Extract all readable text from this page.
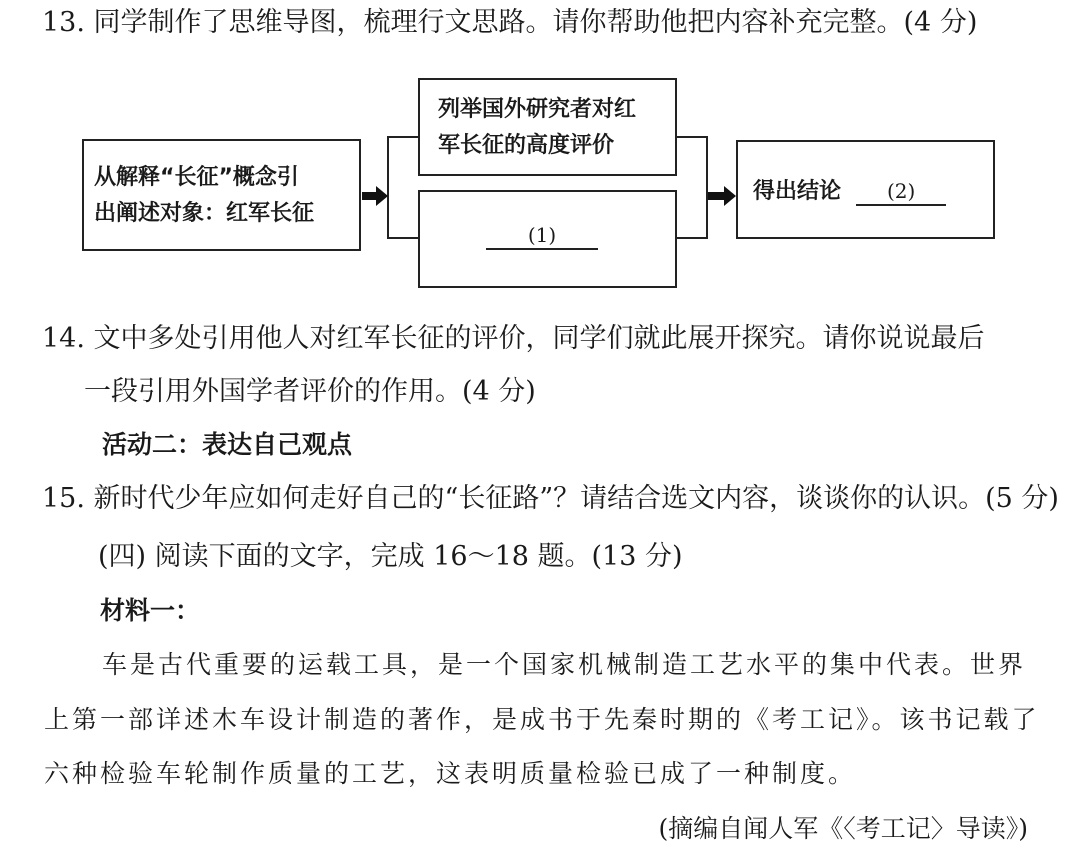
13. 同学制作了思维导图，梳理行文思路。请你帮助他把内容补充完整。(4 分)
从解释“长征”概念引
出阐述对象：红军长征
列举国外研究者对红
军长征的高度评价
(1)
得出结论 (2)
14. 文中多处引用他人对红军长征的评价，同学们就此展开探究。请你说说最后
一段引用外国学者评价的作用。(4 分)
活动二：表达自己观点
15. 新时代少年应如何走好自己的“长征路”？请结合选文内容，谈谈你的认识。(5 分)
(四) 阅读下面的文字，完成 16～18 题。(13 分)
材料一：
车是古代重要的运载工具，是一个国家机械制造工艺水平的集中代表。世界
上第一部详述木车设计制造的著作，是成书于先秦时期的《考工记》。该书记载了
六种检验车轮制作质量的工艺，这表明质量检验已成了一种制度。
(摘编自闻人军《〈考工记〉导读》)
